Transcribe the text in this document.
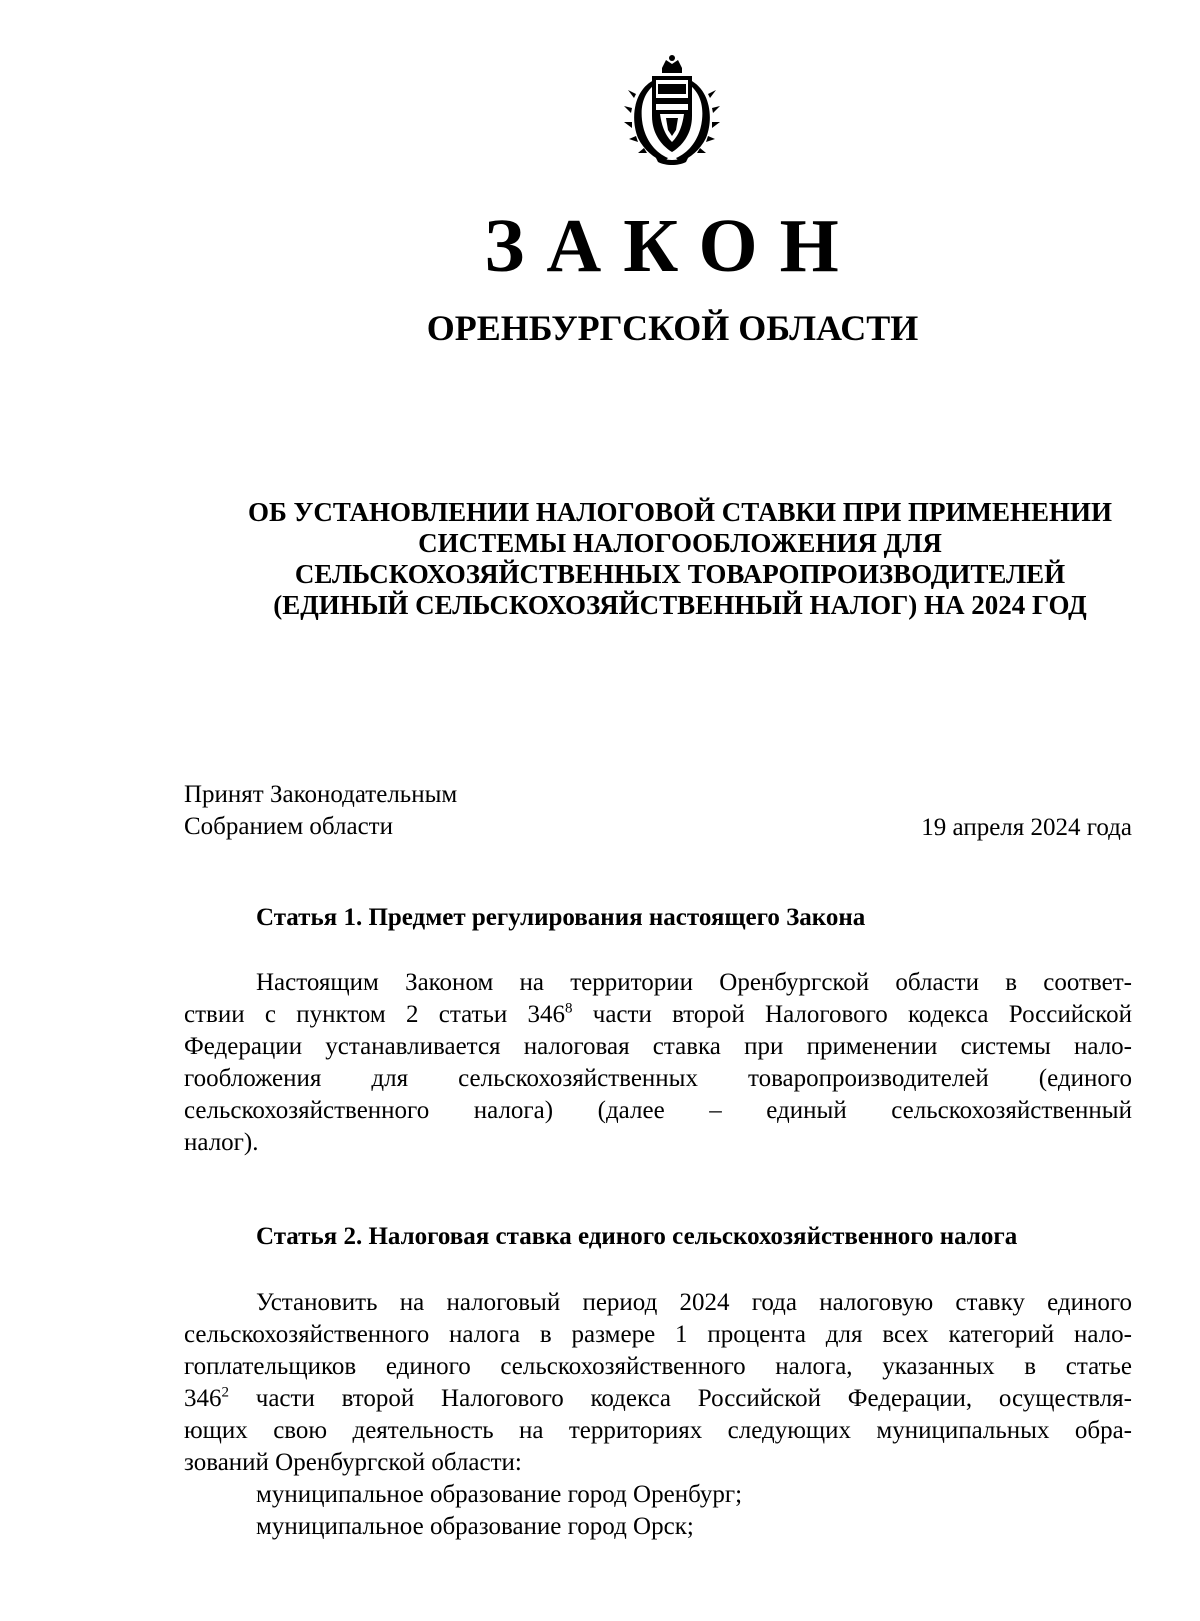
ЗАКОН
ОРЕНБУРГСКОЙ ОБЛАСТИ
ОБ УСТАНОВЛЕНИИ НАЛОГОВОЙ СТАВКИ ПРИ ПРИМЕНЕНИИ
СИСТЕМЫ НАЛОГООБЛОЖЕНИЯ ДЛЯ
СЕЛЬСКОХОЗЯЙСТВЕННЫХ ТОВАРОПРОИЗВОДИТЕЛЕЙ
(ЕДИНЫЙ СЕЛЬСКОХОЗЯЙСТВЕННЫЙ НАЛОГ) НА 2024 ГОД
Принят Законодательным
Собранием области	19 апреля 2024 года
Статья 1. Предмет регулирования настоящего Закона
Настоящим Законом на территории Оренбургской области в соответ-
ствии с пунктом 2 статьи $346^8$ части второй Налогового кодекса Российской
Федерации устанавливается налоговая ставка при применении системы нало-
гообложения для сельскохозяйственных товаропроизводителей (единого
сельскохозяйственного налога) (далее – единый сельскохозяйственный
налог).
Статья 2. Налоговая ставка единого сельскохозяйственного налога
Установить на налоговый период 2024 года налоговую ставку единого
сельскохозяйственного налога в размере 1 процента для всех категорий нало-
гоплательщиков единого сельскохозяйственного налога, указанных в статье
$346^2$ части второй Налогового кодекса Российской Федерации, осуществля-
ющих свою деятельность на территориях следующих муниципальных обра-
зований Оренбургской области:
муниципальное образование город Оренбург;
муниципальное образование город Орск;
